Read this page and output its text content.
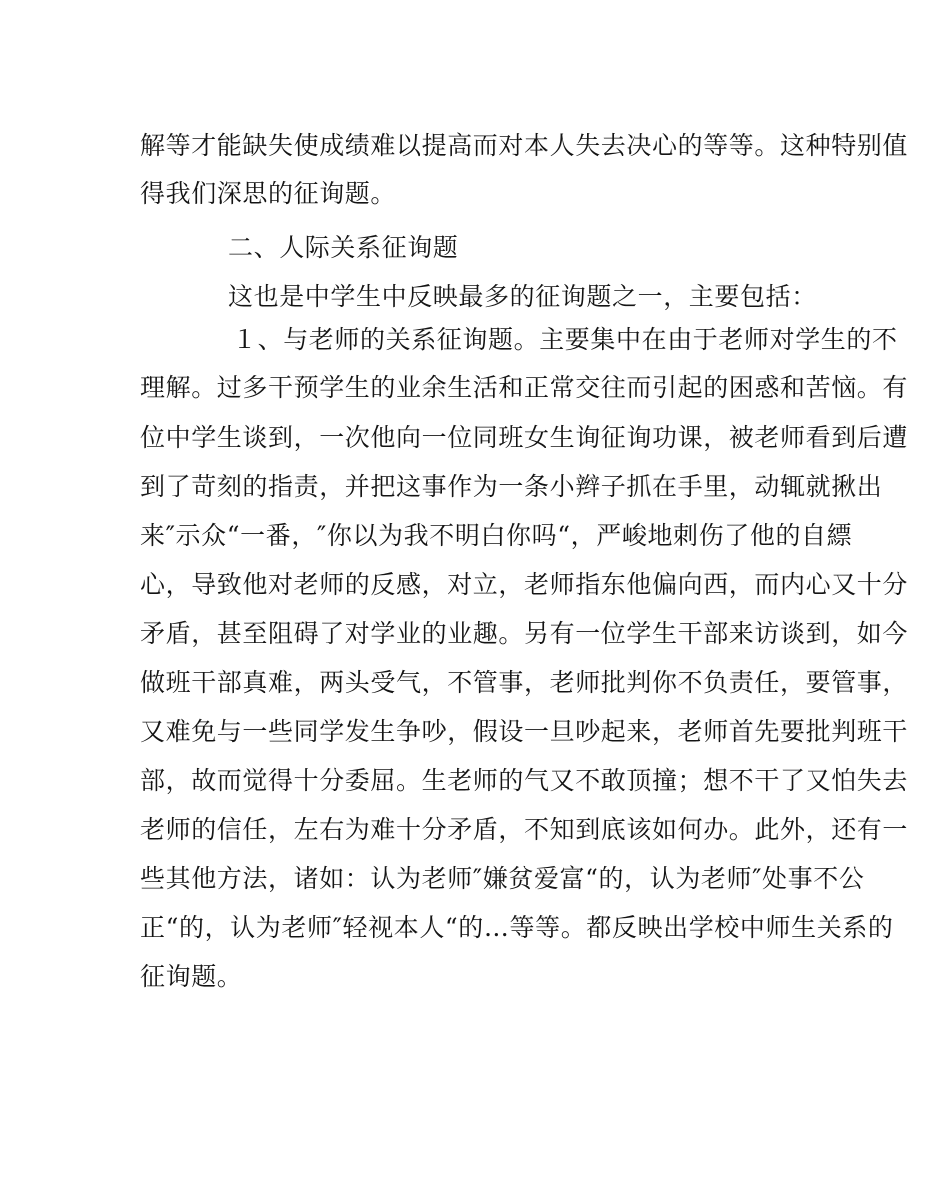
解等才能缺失使成绩难以提高而对本人失去决心的等等。这种特别值
得我们深思的征询题。
二、人际关系征询题
这也是中学生中反映最多的征询题之一，主要包括：
１、与老师的关系征询题。主要集中在由于老师对学生的不
理解。过多干预学生的业余生活和正常交往而引起的困惑和苦恼。有
位中学生谈到，一次他向一位同班女生询征询功课，被老师看到后遭
到了苛刻的指责，并把这事作为一条小辫子抓在手里，动辄就揪出
来″示众“一番，″你以为我不明白你吗“，严峻地刺伤了他的自縹
心，导致他对老师的反感，对立，老师指东他偏向西，而内心又十分
矛盾，甚至阻碍了对学业的业趣。另有一位学生干部来访谈到，如今
做班干部真难，两头受气，不管事，老师批判你不负责任，要管事，
又难免与一些同学发生争吵，假设一旦吵起来，老师首先要批判班干
部，故而觉得十分委屈。生老师的气又不敢顶撞；想不干了又怕失去
老师的信任，左右为难十分矛盾，不知到底该如何办。此外，还有一
些其他方法，诸如：认为老师″嫌贫爱富“的，认为老师″处事不公
正“的，认为老师″轻视本人“的…等等。都反映出学校中师生关系的
征询题。
